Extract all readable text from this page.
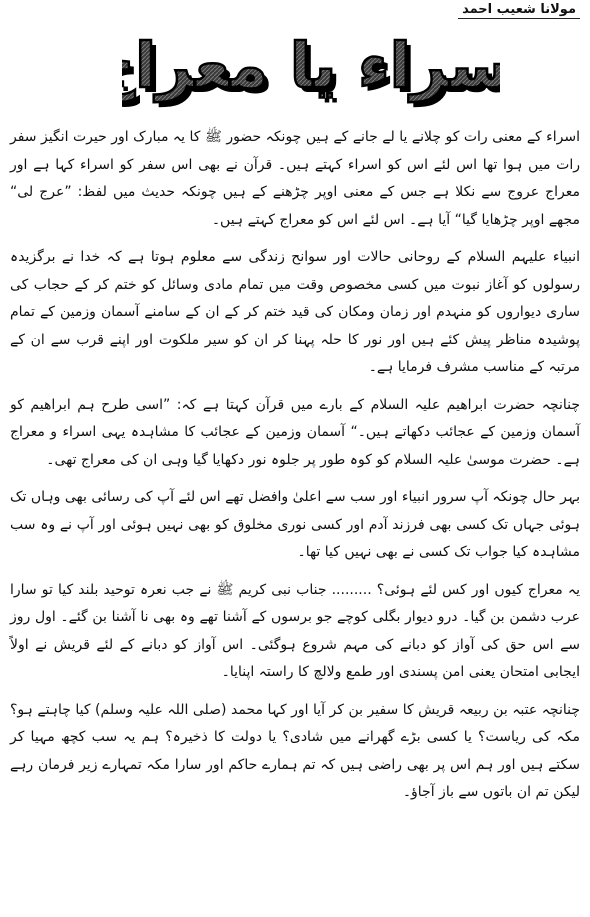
مولانا شعیب احمد
سراء یا معرا	سراء یا معرا

اسراء کے معنی رات کو چلانے یا لے جانے کے ہیں چونکہ حضور ﷺ کا یہ مبارک اور حیرت انگیز سفر رات میں ہوا تھا اس لئے اس کو اسراء کہتے ہیں۔ قرآن نے بھی اس سفر کو اسراء کہا ہے اور معراج عروج سے نکلا ہے جس کے معنی اوپر چڑھنے کے ہیں چونکہ حدیث میں لفظ: ”عرج لی“ مجھے اوپر چڑھایا گیا“ آیا ہے۔ اس لئے اس کو معراج کہتے ہیں۔

انبیاء علیہم السلام کے روحانی حالات اور سوانح زندگی سے معلوم ہوتا ہے کہ خدا نے برگزیدہ رسولوں کو آغاز نبوت میں کسی مخصوص وقت میں تمام مادی وسائل کو ختم کر کے حجاب کی ساری دیواروں کو منہدم اور زمان ومکان کی قید ختم کر کے ان کے سامنے آسمان وزمین کے تمام پوشیدہ مناظر پیش کئے ہیں اور نور کا حلہ پہنا کر ان کو سیر ملکوت اور اپنے قرب سے ان کے مرتبہ کے مناسب مشرف فرمایا ہے۔

چنانچہ حضرت ابراھیم علیہ السلام کے بارے میں قرآن کہتا ہے کہ: ”اسی طرح ہم ابراھیم کو آسمان وزمین کے عجائب دکھاتے ہیں۔“ آسمان وزمین کے عجائب کا مشاہدہ یہی اسراء و معراج ہے۔ حضرت موسیٰ علیہ السلام کو کوہ طور پر جلوہ نور دکھایا گیا وہی ان کی معراج تھی۔

بہر حال چونکہ آپ سرور انبیاء اور سب سے اعلیٰ وافضل تھے اس لئے آپ کی رسائی بھی وہاں تک ہوئی جہاں تک کسی بھی فرزند آدم اور کسی نوری مخلوق کو بھی نہیں ہوئی اور آپ نے وہ سب مشاہدہ کیا جواب تک کسی نے بھی نہیں کیا تھا۔

یہ معراج کیوں اور کس لئے ہوئی؟ ......... جناب نبی کریم ﷺ نے جب نعرہ توحید بلند کیا تو سارا عرب دشمن بن گیا۔ درو دیوار بگلی کوچے جو برسوں کے آشنا تھے وہ بھی نا آشنا بن گئے۔ اول روز سے اس حق کی آواز کو دبانے کی مہم شروع ہوگئی۔ اس آواز کو دبانے کے لئے قریش نے اولاً ایجابی امتحان یعنی امن پسندی اور طمع ولالچ کا راستہ اپنایا۔

چنانچہ عتبہ بن ربیعہ قریش کا سفیر بن کر آیا اور کہا محمد (صلی اللہ علیہ وسلم) کیا چاہتے ہو؟ مکہ کی ریاست؟ یا کسی بڑے گھرانے میں شادی؟ یا دولت کا ذخیرہ؟ ہم یہ سب کچھ مہیا کر سکتے ہیں اور ہم اس پر بھی راضی ہیں کہ تم ہمارے حاکم اور سارا مکہ تمہارے زیر فرمان رہے لیکن تم ان باتوں سے باز آجاؤ۔
